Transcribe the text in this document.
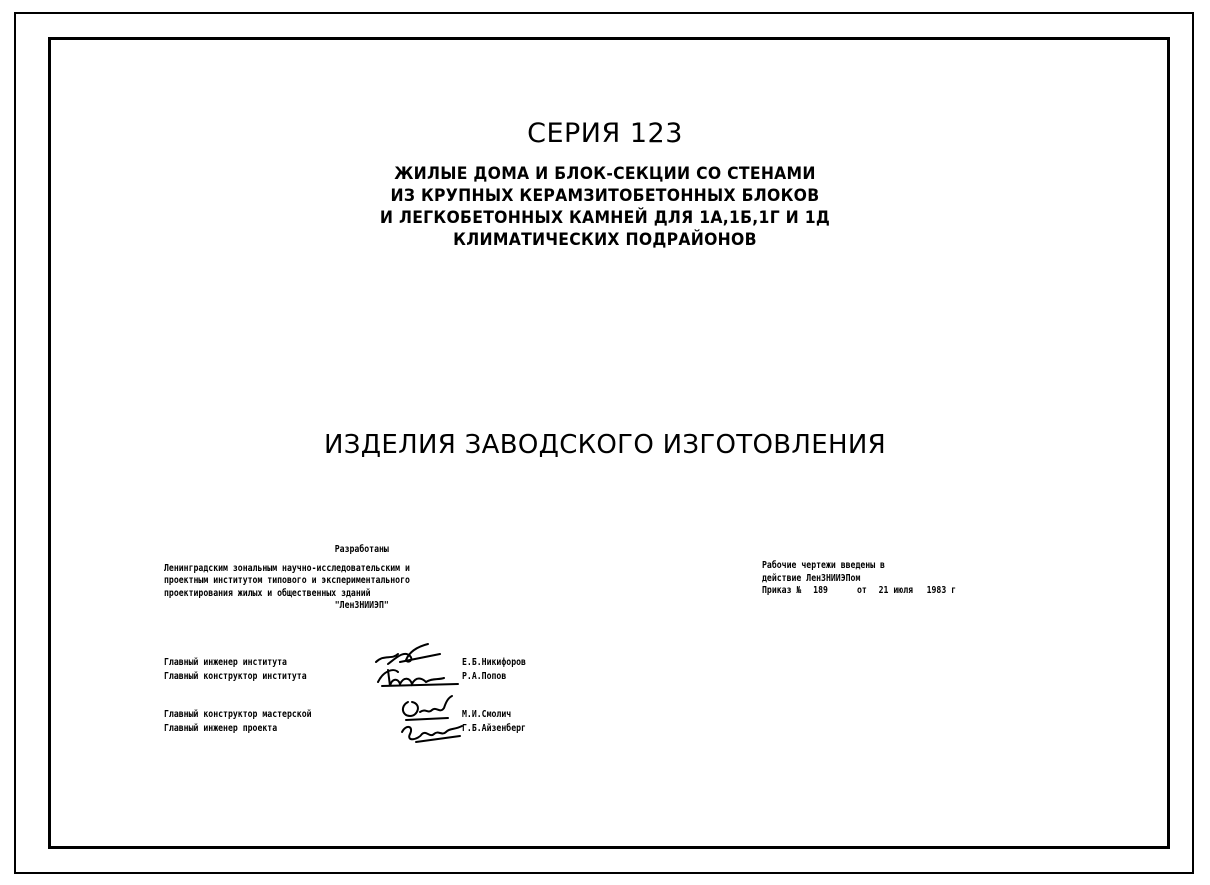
СЕРИЯ 123
ЖИЛЫЕ ДОМА И БЛОК-СЕКЦИИ СО СТЕНАМИ
ИЗ КРУПНЫХ КЕРАМЗИТОБЕТОННЫХ БЛОКОВ
И ЛЕГКОБЕТОННЫХ КАМНЕЙ ДЛЯ 1А,1Б,1Г И 1Д
КЛИМАТИЧЕСКИХ ПОДРАЙОНОВ
ИЗДЕЛИЯ ЗАВОДСКОГО ИЗГОТОВЛЕНИЯ
Разработаны
Ленинградским зональным научно-исследовательским и
проектным институтом типового и экспериментального
проектирования жилых и общественных зданий
"ЛенЗНИИЭП"
Главный инженер института	Е.Б.Никифоров
Главный конструктор института	Р.А.Попов
Главный конструктор мастерской	М.И.Смолич
Главный инженер проекта	Г.Б.Айзенберг
Рабочие чертежи введены в
действие ЛенЗНИИЭПом
Приказ № 189	от 21 июля 1983 г
